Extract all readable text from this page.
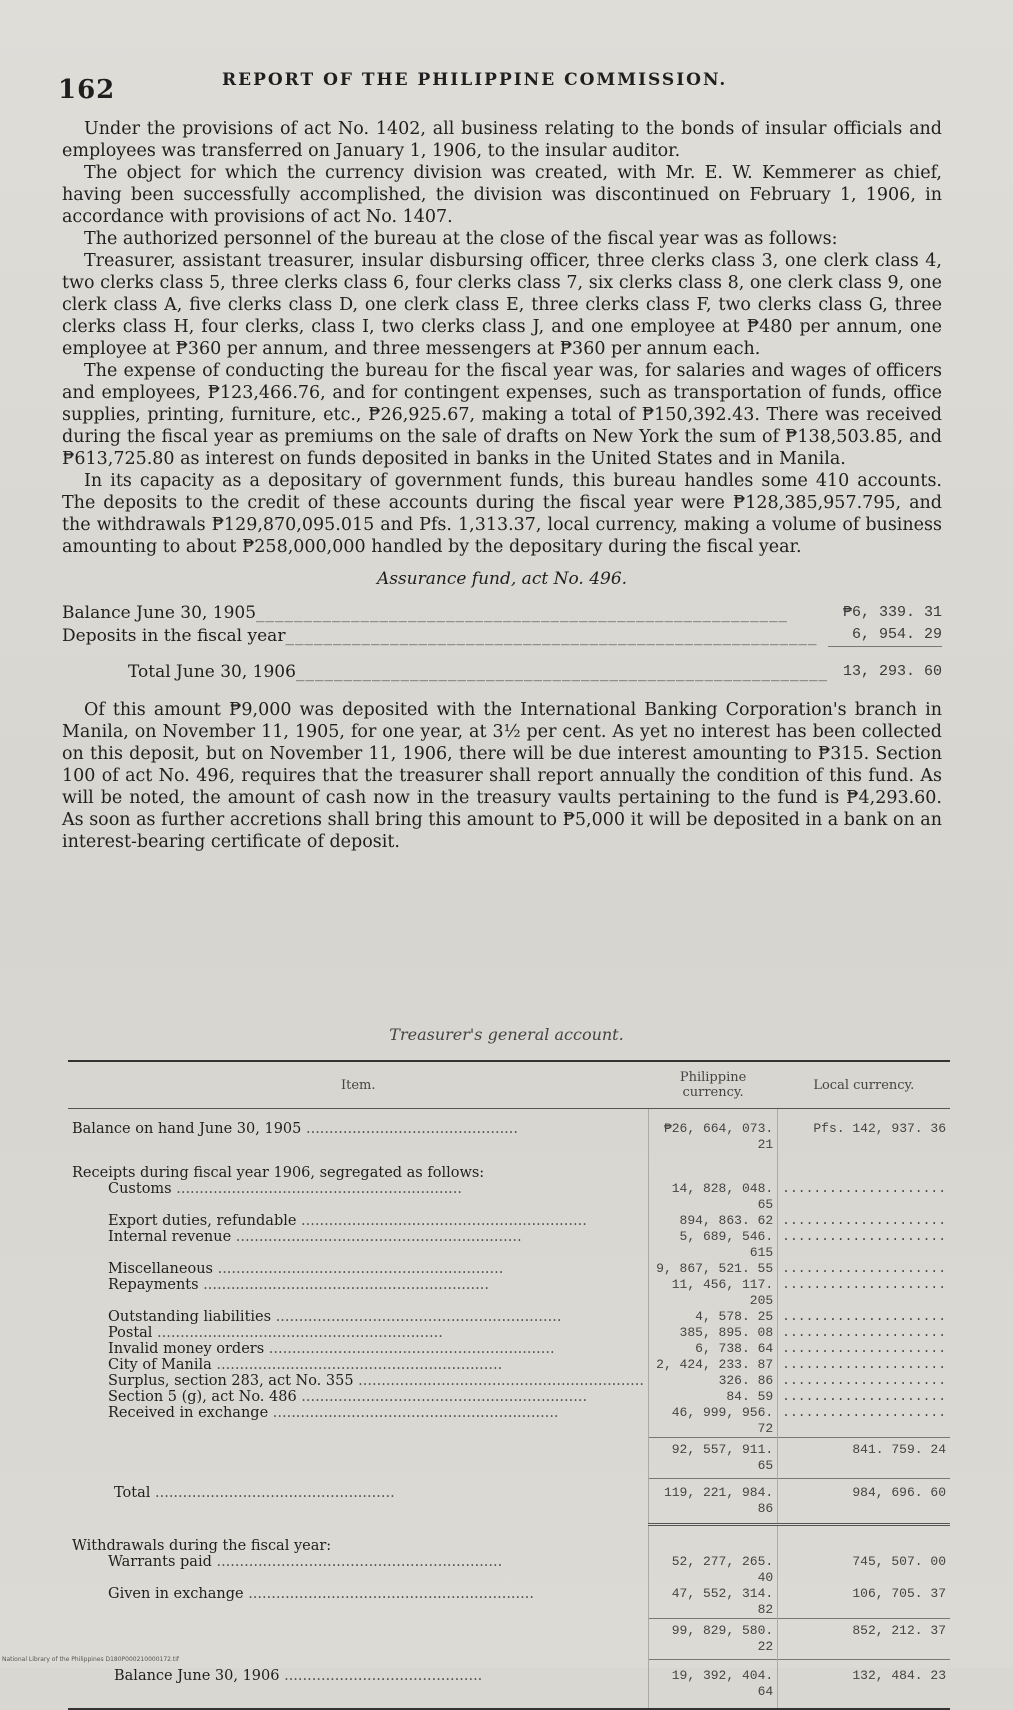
162	REPORT OF THE PHILIPPINE COMMISSION.

Under the provisions of act No. 1402, all business relating to the bonds of insular officials and employees was transferred on January 1, 1906, to the insular auditor.

The object for which the currency division was created, with Mr. E. W. Kemmerer as chief, having been successfully accomplished, the division was discontinued on February 1, 1906, in accordance with provisions of act No. 1407.

The authorized personnel of the bureau at the close of the fiscal year was as follows:

Treasurer, assistant treasurer, insular disbursing officer, three clerks class 3, one clerk class 4, two clerks class 5, three clerks class 6, four clerks class 7, six clerks class 8, one clerk class 9, one clerk class A, five clerks class D, one clerk class E, three clerks class F, two clerks class G, three clerks class H, four clerks, class I, two clerks class J, and one employee at ₱480 per annum, one employee at ₱360 per annum, and three messengers at ₱360 per annum each.

The expense of conducting the bureau for the fiscal year was, for salaries and wages of officers and employees, ₱123,466.76, and for contingent expenses, such as transportation of funds, office supplies, printing, furniture, etc., ₱26,925.67, making a total of ₱150,392.43. There was received during the fiscal year as premiums on the sale of drafts on New York the sum of ₱138,503.85, and ₱613,725.80 as interest on funds deposited in banks in the United States and in Manila.

In its capacity as a depositary of government funds, this bureau handles some 410 accounts. The deposits to the credit of these accounts during the fiscal year were ₱128,385,957.795, and the withdrawals ₱129,870,095.015 and Pfs. 1,313.37, local currency, making a volume of business amounting to about ₱258,000,000 handled by the depositary during the fiscal year.

Assurance fund, act No. 496.
Balance June 30, 1905________________________________________________________	₱6, 339. 31
Deposits in the fiscal year________________________________________________________	6, 954. 29
Total June 30, 1906________________________________________________________	13, 293. 60

Of this amount ₱9,000 was deposited with the International Banking Corporation's branch in Manila, on November 11, 1905, for one year, at 3½ per cent. As yet no interest has been collected on this deposit, but on November 11, 1906, there will be due interest amounting to ₱315. Section 100 of act No. 496, requires that the treasurer shall report annually the condition of this fund. As will be noted, the amount of cash now in the treasury vaults pertaining to the fund is ₱4,293.60. As soon as further accretions shall bring this amount to ₱5,000 it will be deposited in a bank on an interest-bearing certificate of deposit.

Treasurer's general account.
Item.	Philippine currency.	Local currency.

Balance on hand June 30, 1905 ..............................................	₱26, 664, 073. 21	Pfs. 142, 937. 36

Receipts during fiscal year 1906, segregated as follows:		
Customs ..............................................................	14, 828, 048. 65	.....................
Export duties, refundable ..............................................................	894, 863. 62	.....................
Internal revenue ..............................................................	5, 689, 546. 615	.....................
Miscellaneous ..............................................................	9, 867, 521. 55	.....................
Repayments ..............................................................	11, 456, 117. 205	.....................
Outstanding liabilities ..............................................................	4, 578. 25	.....................
Postal ..............................................................	385, 895. 08	.....................
Invalid money orders ..............................................................	6, 738. 64	.....................
City of Manila ..............................................................	2, 424, 233. 87	.....................
Surplus, section 283, act No. 355 ..............................................................	326. 86	.....................
Section 5 (g), act No. 486 ..............................................................	84. 59	.....................
Received in exchange ..............................................................	46, 999, 956. 72	.....................
	92, 557, 911. 65	841. 759. 24
Total ....................................................	119, 221, 984. 86	984, 696. 60

Withdrawals during the fiscal year:		
Warrants paid ..............................................................	52, 277, 265. 40	745, 507. 00
Given in exchange ..............................................................	47, 552, 314. 82	106, 705. 37
	99, 829, 580. 22	852, 212. 37
Balance June 30, 1906 ...........................................	19, 392, 404. 64	132, 484. 23
National Library of the Philippines D180P000210000172.tif
